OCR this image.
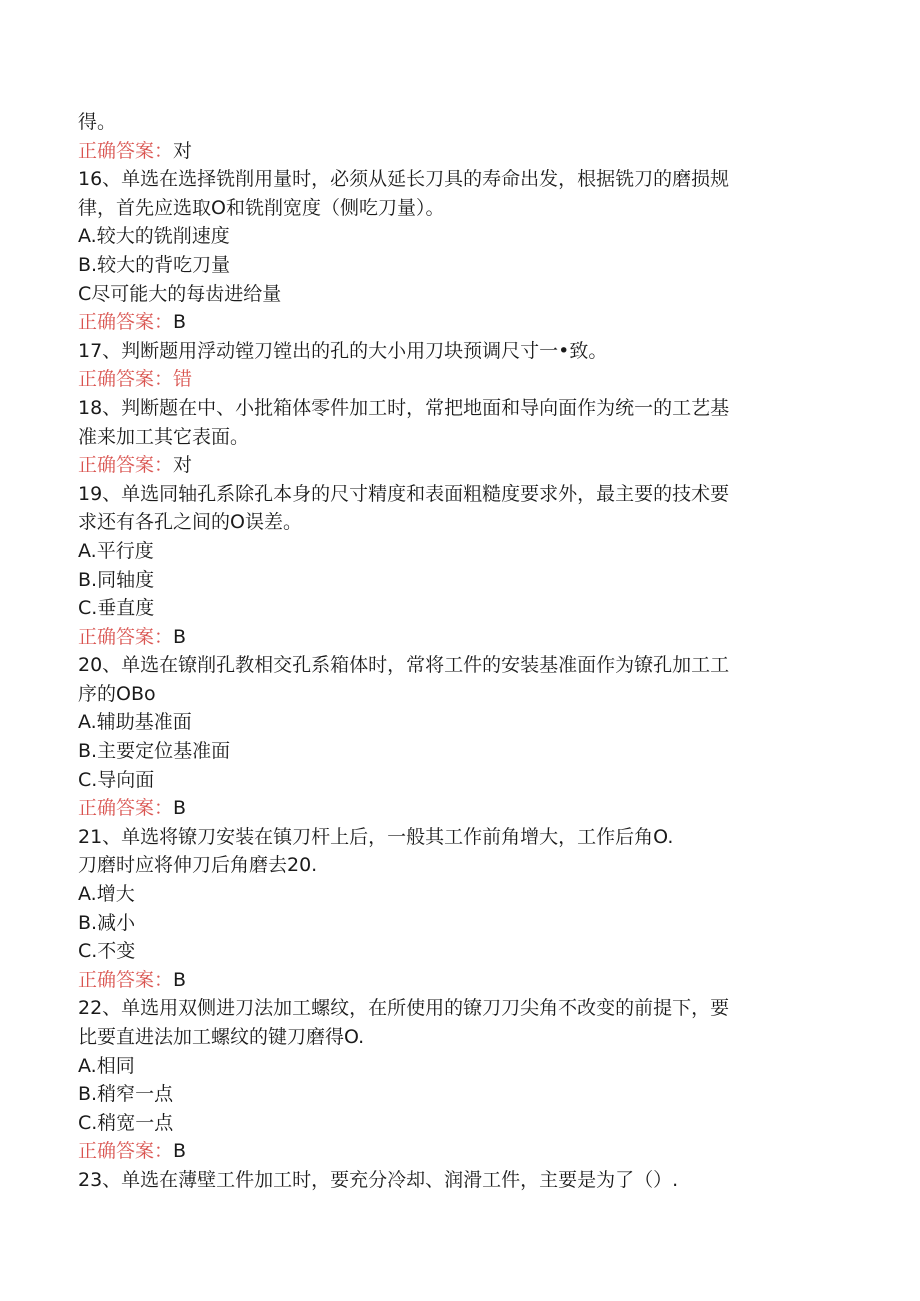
得。
正确答案：对
16、单选在选择铣削用量时，必须从延长刀具的寿命出发，根据铣刀的磨损规
律，首先应选取O和铣削宽度（侧吃刀量）。
A.较大的铣削速度
B.较大的背吃刀量
C尽可能大的每齿进给量
正确答案：B
17、判断题用浮动镗刀镗出的孔的大小用刀块预调尺寸一•致。
正确答案：错
18、判断题在中、小批箱体零件加工时，常把地面和导向面作为统一的工艺基
准来加工其它表面。
正确答案：对
19、单选同轴孔系除孔本身的尺寸精度和表面粗糙度要求外，最主要的技术要
求还有各孔之间的O误差。
A.平行度
B.同轴度
C.垂直度
正确答案：B
20、单选在镣削孔教相交孔系箱体时，常将工件的安装基准面作为镣孔加工工
序的OBo
A.辅助基准面
B.主要定位基准面
C.导向面
正确答案：B
21、单选将镣刀安装在镇刀杆上后，一般其工作前角增大，工作后角O.
刀磨时应将伸刀后角磨去20.
A.增大
B.减小
C.不变
正确答案：B
22、单选用双侧进刀法加工螺纹，在所使用的镣刀刀尖角不改变的前提下，要
比要直进法加工螺纹的键刀磨得O.
A.相同
B.稍窄一点
C.稍宽一点
正确答案：B
23、单选在薄壁工件加工时，要充分冷却、润滑工件，主要是为了（）.
